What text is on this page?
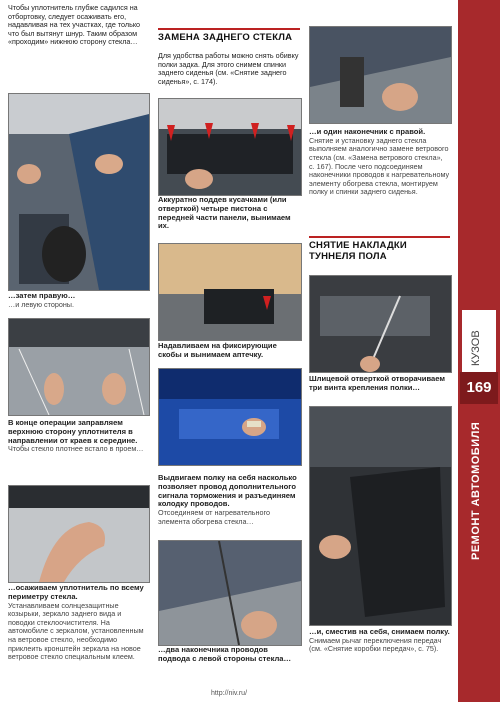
Чтобы уплотнитель глубже садился на отбортовку, следует осаживать его, надавливая на тех участках, где только что был вытянут шнур. Таким образом «проходим» нижнюю сторону стекла…

…затем правую…

…и левую стороны.

В конце операции заправляем верхнюю сторону уплотнителя в направлении от краев к середине.

Чтобы стекло плотнее встало в проем…

…осаживаем уплотнитель по всему периметру стекла.

Устанавливаем солнцезащитные козырьки, зеркало заднего вида и поводки стеклоочистителя. На автомобиле с зеркалом, установленным на ветровое стекло, необходимо приклеить кронштейн зеркала на новое ветровое стекло специальным клеем.

ЗАМЕНА ЗАДНЕГО СТЕКЛА

Для удобства работы можно снять обивку полки задка. Для этого снимем спинки заднего сиденья (см. «Снятие заднего сиденья», с. 174).

Аккуратно поддев кусачками (или отверткой) четыре пистона с передней части панели, вынимаем их.

Надавливаем на фиксирующие скобы и вынимаем аптечку.

Выдвигаем полку на себя насколько позволяет провод дополнительного сигнала торможения и разъединяем колодку проводов.

Отсоединяем от нагревательного элемента обогрева стекла…

…два наконечника проводов подвода с левой стороны стекла…

…и один наконечник с правой.

Снятие и установку заднего стекла выполняем аналогично замене ветрового стекла (см. «Замена ветрового стекла», с. 167). После чего подсоединяем наконечники проводов к нагревательному элементу обогрева стекла, монтируем полку и спинки заднего сиденья.

СНЯТИЕ НАКЛАДКИ ТУННЕЛЯ ПОЛА

Шлицевой отверткой отворачиваем три винта крепления полки…

…и, сместив на себя, снимаем полку.

Снимаем рычаг переключения передач (см. «Снятие коробки передач», с. 75).

КУЗОВ
169
РЕМОНТ АВТОМОБИЛЯ
http://niv.ru/
